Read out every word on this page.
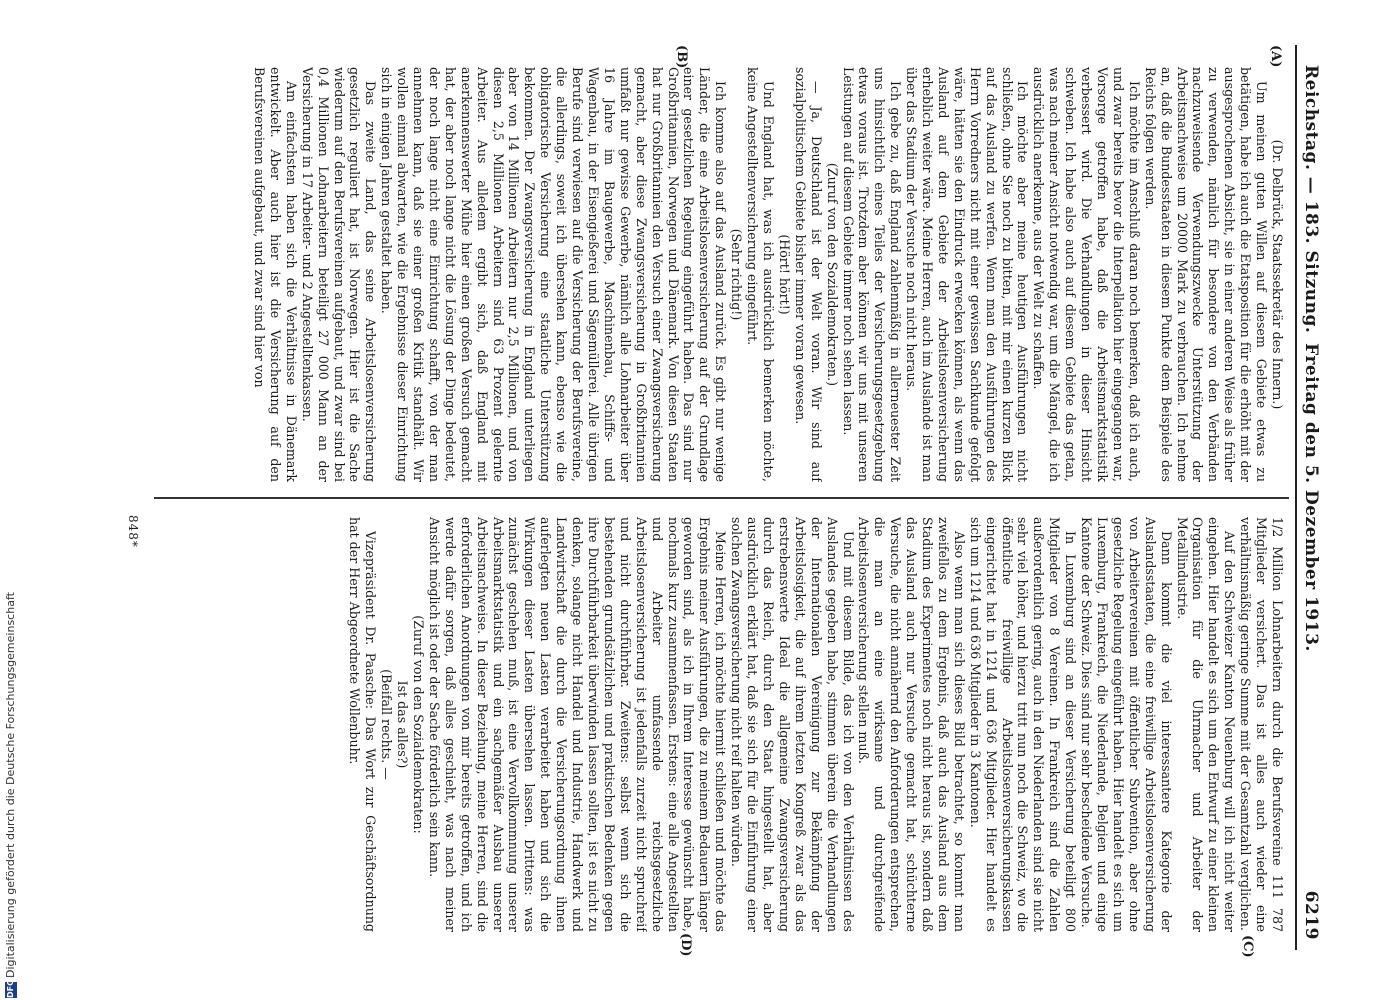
Reichstag. — 183. Sitzung.
Freitag den 5. Dezember 1913.
6219
(A)
(B)
(C)
(D)

(Dr. Delbrück, Staatssekretär des Innern.)

Um meinen guten Willen auf diesem Gebiete etwas zu betätigen, habe ich auch die Etatsposition für die erhöht mit der ausgesprochenen Absicht, sie in einer anderen Weise als früher zu verwenden, nämlich für besondere von den Verbänden nachzuweisende Verwendungszwecke Unterstützung der Arbeitsnachweise um 20000 Mark zu verbrauchen. Ich nehme an, daß die Bundesstaaten in diesem Punkte dem Beispiele des Reichs folgen werden.

Ich möchte im Anschluß daran noch bemerken, daß ich auch, und zwar bereits bevor die Interpellation hier eingegangen war, Vorsorge getroffen habe, daß die Arbeitsmarktstatistik verbessert wird. Die Verhandlungen in dieser Hinsicht schweben. Ich habe also auch auf diesem Gebiete das getan, was nach meiner Ansicht notwendig war, um die Mängel, die ich ausdrücklich anerkenne, aus der Welt zu schaffen.

Ich möchte aber meine heutigen Ausführungen nicht schließen, ohne Sie noch zu bitten, mit mir einen kurzen Blick auf das Ausland zu werfen. Wenn man den Ausführungen des Herrn Vorredners nicht mit einer gewissen Sachkunde gefolgt wäre, hätten sie den Eindruck erwecken können, als wenn das Ausland auf dem Gebiete der Arbeitslosenversicherung erheblich weiter wäre. Meine Herren, auch im Auslande ist man über das Stadium der Versuche noch nicht heraus.

Ich gebe zu, daß England zahlenmäßig in allerneuester Zeit uns hinsichtlich eines Teiles der Versicherungsgesetzgebung etwas voraus ist. Trotzdem aber können wir uns mit unseren Leistungen auf diesem Gebiete immer noch sehen lassen.

(Zuruf von den Sozialdemokraten.)

— Ja, Deutschland ist der Welt voran. Wir sind auf sozialpolitischem Gebiete bisher immer voran gewesen.

(Hört! hört!)

Und England hat, was ich ausdrücklich bemerken möchte, keine Angestelltenversicherung eingeführt.

(Sehr richtig!)

Ich komme also auf das Ausland zurück. Es gibt nur wenige Länder, die eine Arbeitslosenversicherung auf der Grundlage einer gesetzlichen Regelung eingeführt haben. Das sind nur Großbritannien, Norwegen und Dänemark. Von diesen Staaten hat nur Großbritannien den Versuch einer Zwangsversicherung gemacht, aber diese Zwangsversicherung in Großbritannien umfaßt nur gewisse Gewerbe, nämlich alle Lohnarbeiter über 16 Jahre im Baugewerbe, Maschinenbau, Schiffs- und Wagenbau, in der Eisengießerei und Sägemüllerei. Alle übrigen Berufe sind verwiesen auf die Versicherung der Berufsvereine, die allerdings, soweit ich übersehen kann, ebenso wie die obligatorische Versicherung eine staatliche Unterstützung bekommen. Der Zwangsversicherung in England unterliegen aber von 14 Millionen Arbeitern nur 2,5 Millionen, und von diesen 2,5 Millionen Arbeitern sind 63 Prozent gelernte Arbeiter. Aus alledem ergibt sich, daß England mit anerkennenswerter Mühe hier einen großen Versuch gemacht hat, der aber noch lange nicht die Lösung der Dinge bedeutet, der noch lange nicht eine Einrichtung schafft, von der man annehmen kann, daß sie einer großen Kritik standhält. Wir wollen einmal abwarten, wie die Ergebnisse dieser Einrichtung sich in einigen Jahren gestaltet haben.

Das zweite Land, das seine Arbeitslosenversicherung gesetzlich reguliert hat, ist Norwegen. Hier ist die Sache wiederum auf den Berufsvereinen aufgebaut, und zwar sind bei 0,4 Millionen Lohnarbeitern beteiligt 27 000 Mann an der Versicherung in 17 Arbeiter- und 2 Angestelltenkassen.

Am einfachsten haben sich die Verhältnisse in Dänemark entwickelt. Aber auch hier ist die Versicherung auf den Berufsvereinen aufgebaut, und zwar sind hier von

1/2 Million Lohnarbeitern durch die Berufsvereine 111 787 Mitglieder versichert. Das ist alles auch wieder eine verhältnismäßig geringe Summe mit der Gesamtzahl verglichen.

Auf den Schweizer Kanton Neuenburg will ich nicht weiter eingehen. Hier handelt es sich um den Entwurf zu einer kleinen Organisation für die Uhrmacher und Arbeiter der Metallindustrie.

Dann kommt die viel interessantere Kategorie der Auslandsstaaten, die eine freiwillige Arbeitslosenversicherung von Arbeitervereinen mit öffentlicher Subvention, aber ohne gesetzliche Regelung eingeführt haben. Hier handelt es sich um Luxemburg, Frankreich, die Niederlande, Belgien und einige Kantone der Schweiz. Dies sind nur sehr bescheidene Versuche.

In Luxemburg sind an dieser Versicherung beteiligt 800 Mitglieder von 8 Vereinen. In Frankreich sind die Zahlen außerordentlich gering, auch in den Niederlanden sind sie nicht sehr viel höher, und hierzu tritt nun noch die Schweiz, wo die öffentliche freiwillige Arbeitslosenversicherungskassen eingerichtet hat in 1214 und 636 Mitglieder. Hier handelt es sich um 1214 und 636 Mitglieder in 3 Kantonen.

Also wenn man sich dieses Bild betrachtet, so kommt man zweifellos zu dem Ergebnis, daß auch das Ausland aus dem Stadium des Experimentes noch nicht heraus ist, sondern daß das Ausland auch nur Versuche gemacht hat, schüchterne Versuche, die nicht annähernd den Anforderungen entsprechen, die man an eine wirksame und durchgreifende Arbeitslosenversicherung stellen muß.

Und mit diesem Bilde, das ich von den Verhältnissen des Auslandes gegeben habe, stimmen überein die Verhandlungen der Internationalen Vereinigung zur Bekämpfung der Arbeitslosigkeit, die auf ihrem letzten Kongreß zwar als das erstrebenswerte Ideal die allgemeine Zwangsversicherung durch das Reich, durch den Staat hingestellt hat, aber ausdrücklich erklärt hat, daß sie sich für die Einführung einer solchen Zwangsversicherung nicht reif halten würden.

Meine Herren, ich möchte hiermit schließen und möchte das Ergebnis meiner Ausführungen, die zu meinem Bedauern länger geworden sind, als ich in Ihrem Interesse gewünscht habe, nochmals kurz zusammenfassen. Erstens: eine alle Angestellten und Arbeiter umfassende reichsgesetzliche Arbeitslosenversicherung ist jedenfalls zurzeit nicht spruchreif und nicht durchführbar. Zweitens: selbst wenn sich die bestehenden grundsätzlichen und praktischen Bedenken gegen ihre Durchführbarkeit überwinden lassen sollten, ist es nicht zu denken, solange nicht Handel und Industrie, Handwerk und Landwirtschaft die durch die Versicherungsordnung ihnen auferlegten neuen Lasten verarbeitet haben und sich die Wirkungen dieser Lasten übersehen lassen. Drittens: was zunächst geschehen muß, ist eine Vervollkommnung unserer Arbeitsmarktstatistik und ein sachgemäßer Ausbau unserer Arbeitsnachweise. In dieser Beziehung, meine Herren, sind die erforderlichen Anordnungen von mir bereits getroffen, und ich werde dafür sorgen, daß alles geschieht, was nach meiner Ansicht möglich ist oder der Sache förderlich sein kann.

(Zuruf von den Sozialdemokraten:

Ist das alles?)

(Beifall rechts. —

Vizepräsident Dr. Paasche: Das Wort zur Geschäftsordnung hat der Herr Abgeordnete Wollenbuhr.

848*
DFGDigitalisierung gefördert durch die Deutsche Forschungsgemeinschaft
